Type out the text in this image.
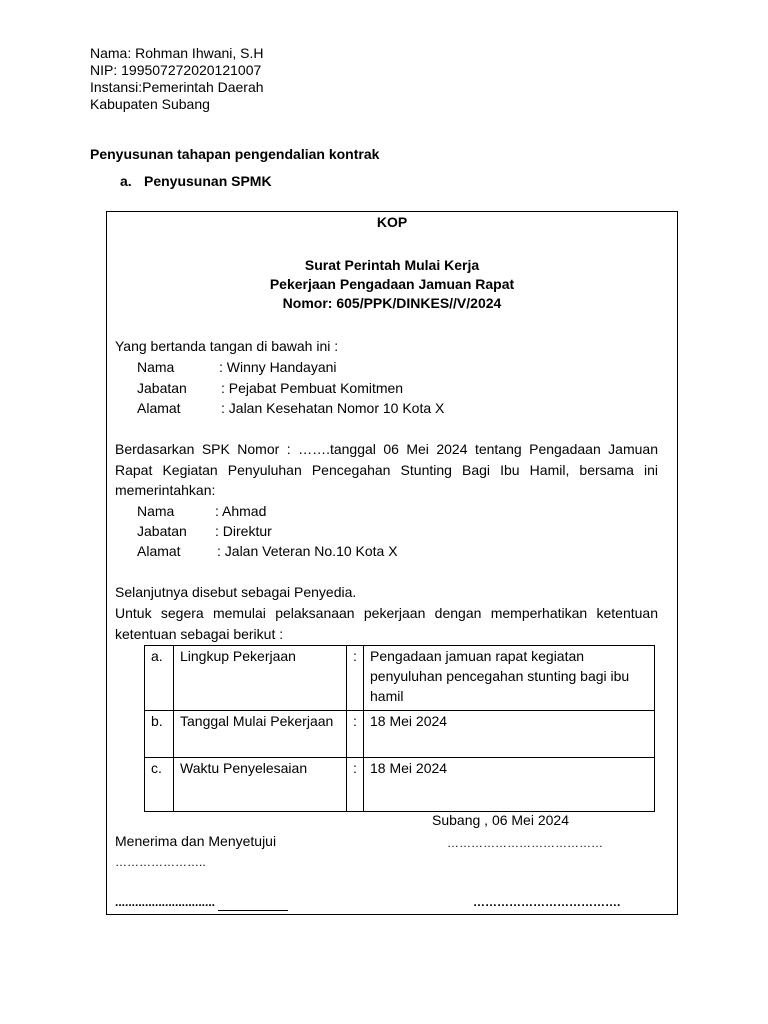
Nama: Rohman Ihwani, S.H
NIP: 199507272020121007
Instansi:Pemerintah Daerah
Kabupaten Subang
Penyusunan tahapan pengendalian kontrak
a. Penyusunan SPMK
KOP
Surat Perintah Mulai Kerja
Pekerjaan Pengadaan Jamuan Rapat
Nomor: 605/PPK/DINKES//V/2024
Yang bertanda tangan di bawah ini :
Nama	: Winny Handayani
Jabatan : Pejabat Pembuat Komitmen
Alamat	: Jalan Kesehatan Nomor 10 Kota X
Berdasarkan SPK Nomor : …….tanggal 06 Mei 2024 tentang Pengadaan Jamuan
Rapat Kegiatan Penyuluhan Pencegahan Stunting Bagi Ibu Hamil, bersama ini
memerintahkan:
Nama	: Ahmad
Jabatan : Direktur
Alamat	: Jalan Veteran No.10 Kota X
Selanjutnya disebut sebagai Penyedia.
Untuk segera memulai pelaksanaan pekerjaan dengan memperhatikan ketentuan
ketentuan sebagai berikut :
a.	Lingkup Pekerjaan	:	Pengadaan jamuan rapat kegiatan penyuluhan pencegahan stunting bagi ibu hamil
b.	Tanggal Mulai Pekerjaan	:	18 Mei 2024
c.	Waktu Penyelesaian	:	18 Mei 2024
Subang , 06 Mei 2024
Menerima dan Menyetujui	…………………………………
…………………..
..............................	……………………………….
